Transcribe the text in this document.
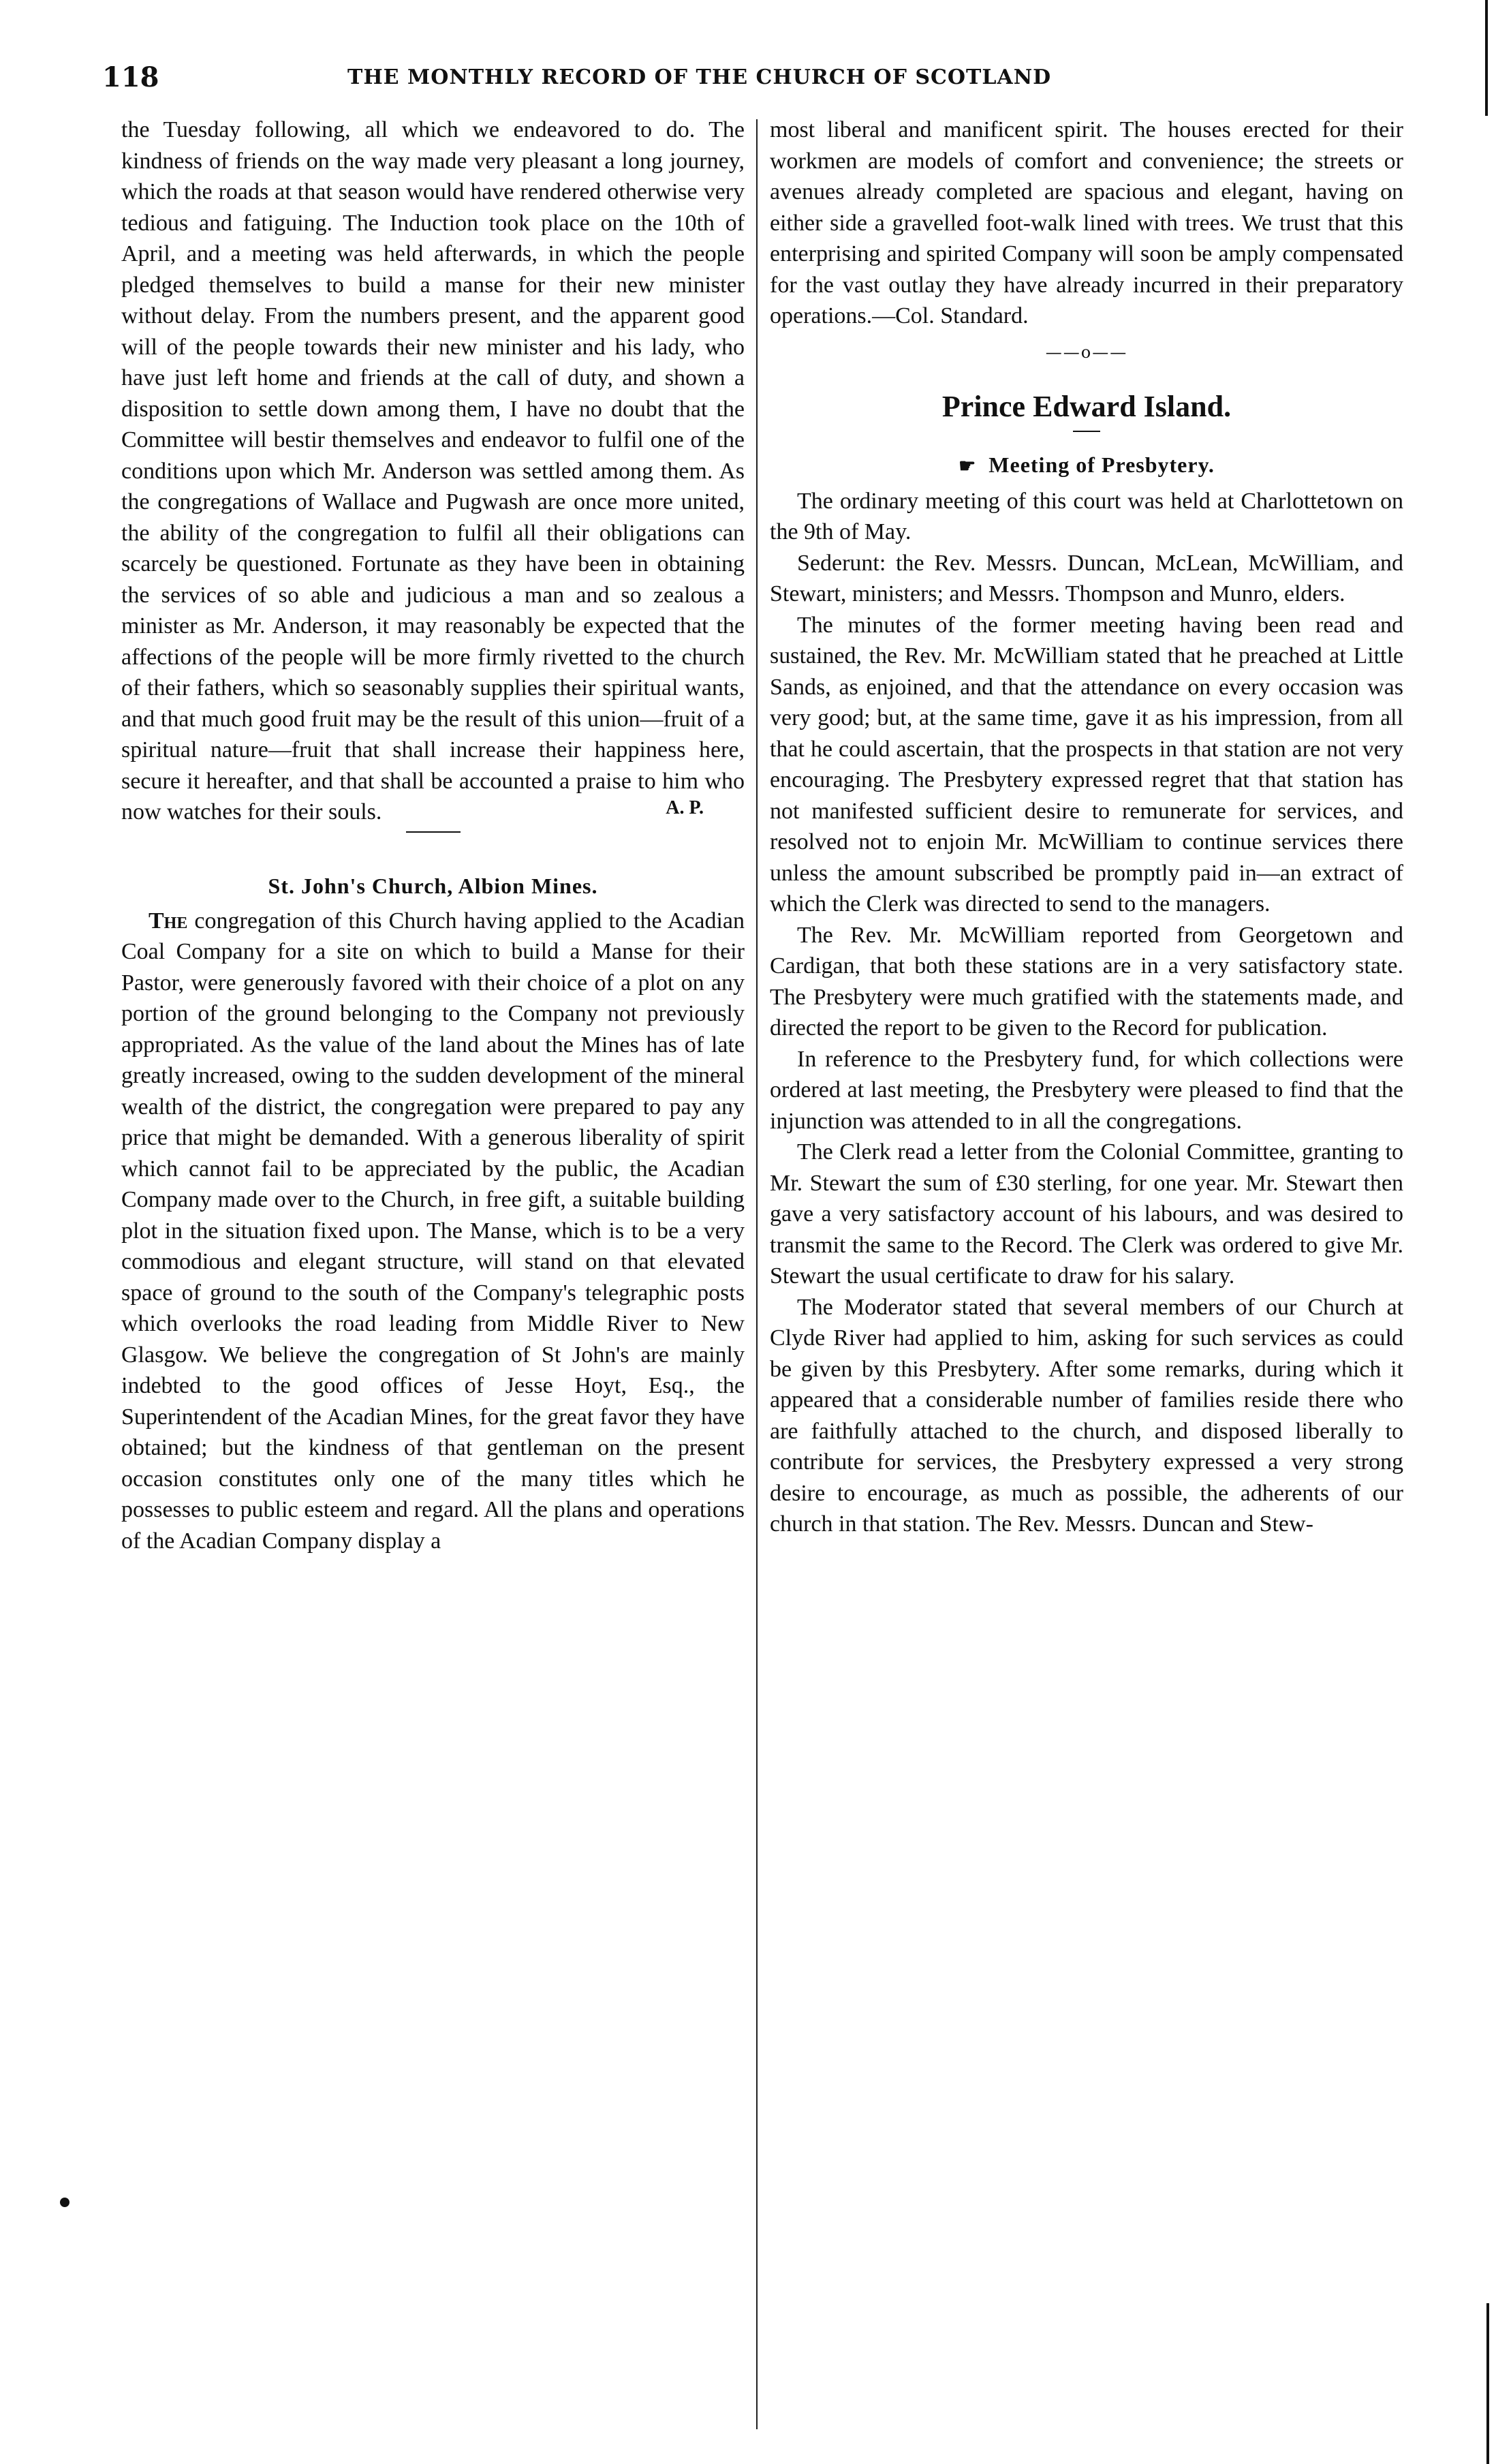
118	THE MONTHLY RECORD OF THE CHURCH OF SCOTLAND

the Tuesday following, all which we endeavored to do. The kindness of friends on the way made very pleasant a long journey, which the roads at that season would have rendered otherwise very tedious and fatiguing. The Induction took place on the 10th of April, and a meeting was held afterwards, in which the people pledged themselves to build a manse for their new minister without delay. From the numbers present, and the apparent good will of the people towards their new minister and his lady, who have just left home and friends at the call of duty, and shown a disposition to settle down among them, I have no doubt that the Committee will bestir themselves and endeavor to fulfil one of the conditions upon which Mr. Anderson was settled among them. As the congregations of Wallace and Pugwash are once more united, the ability of the congregation to fulfil all their obligations can scarcely be questioned. Fortunate as they have been in obtaining the services of so able and judicious a man and so zealous a minister as Mr. Anderson, it may reasonably be expected that the affections of the people will be more firmly rivetted to the church of their fathers, which so seasonably supplies their spiritual wants, and that much good fruit may be the result of this union—fruit of a spiritual nature—fruit that shall increase their happiness here, secure it hereafter, and that shall be accounted a praise to him who now watches for their souls.	A. P.
St. John's Church, Albion Mines.

The congregation of this Church having applied to the Acadian Coal Company for a site on which to build a Manse for their Pastor, were generously favored with their choice of a plot on any portion of the ground belonging to the Company not previously appropriated. As the value of the land about the Mines has of late greatly increased, owing to the sudden development of the mineral wealth of the district, the congregation were prepared to pay any price that might be demanded. With a generous liberality of spirit which cannot fail to be appreciated by the public, the Acadian Company made over to the Church, in free gift, a suitable building plot in the situation fixed upon. The Manse, which is to be a very commodious and elegant structure, will stand on that elevated space of ground to the south of the Company's telegraphic posts which overlooks the road leading from Middle River to New Glasgow. We believe the congregation of St John's are mainly indebted to the good offices of Jesse Hoyt, Esq., the Superintendent of the Acadian Mines, for the great favor they have obtained; but the kindness of that gentleman on the present occasion constitutes only one of the many titles which he possesses to public esteem and regard. All the plans and operations of the Acadian Company display a

most liberal and manificent spirit. The houses erected for their workmen are models of comfort and convenience; the streets or avenues already completed are spacious and elegant, having on either side a gravelled foot-walk lined with trees. We trust that this enterprising and spirited Company will soon be amply compensated for the vast outlay they have already incurred in their preparatory operations.—Col. Standard.

——o——
Prince Edward Island.
☛ Meeting of Presbytery.

The ordinary meeting of this court was held at Charlottetown on the 9th of May.

Sederunt: the Rev. Messrs. Duncan, McLean, McWilliam, and Stewart, ministers; and Messrs. Thompson and Munro, elders.

The minutes of the former meeting having been read and sustained, the Rev. Mr. McWilliam stated that he preached at Little Sands, as enjoined, and that the attendance on every occasion was very good; but, at the same time, gave it as his impression, from all that he could ascertain, that the prospects in that station are not very encouraging. The Presbytery expressed regret that that station has not manifested sufficient desire to remunerate for services, and resolved not to enjoin Mr. McWilliam to continue services there unless the amount subscribed be promptly paid in—an extract of which the Clerk was directed to send to the managers.

The Rev. Mr. McWilliam reported from Georgetown and Cardigan, that both these stations are in a very satisfactory state. The Presbytery were much gratified with the statements made, and directed the report to be given to the Record for publication.

In reference to the Presbytery fund, for which collections were ordered at last meeting, the Presbytery were pleased to find that the injunction was attended to in all the congregations.

The Clerk read a letter from the Colonial Committee, granting to Mr. Stewart the sum of £30 sterling, for one year. Mr. Stewart then gave a very satisfactory account of his labours, and was desired to transmit the same to the Record. The Clerk was ordered to give Mr. Stewart the usual certificate to draw for his salary.

The Moderator stated that several members of our Church at Clyde River had applied to him, asking for such services as could be given by this Presbytery. After some remarks, during which it appeared that a considerable number of families reside there who are faithfully attached to the church, and disposed liberally to contribute for services, the Presbytery expressed a very strong desire to encourage, as much as possible, the adherents of our church in that station. The Rev. Messrs. Duncan and Stew-
